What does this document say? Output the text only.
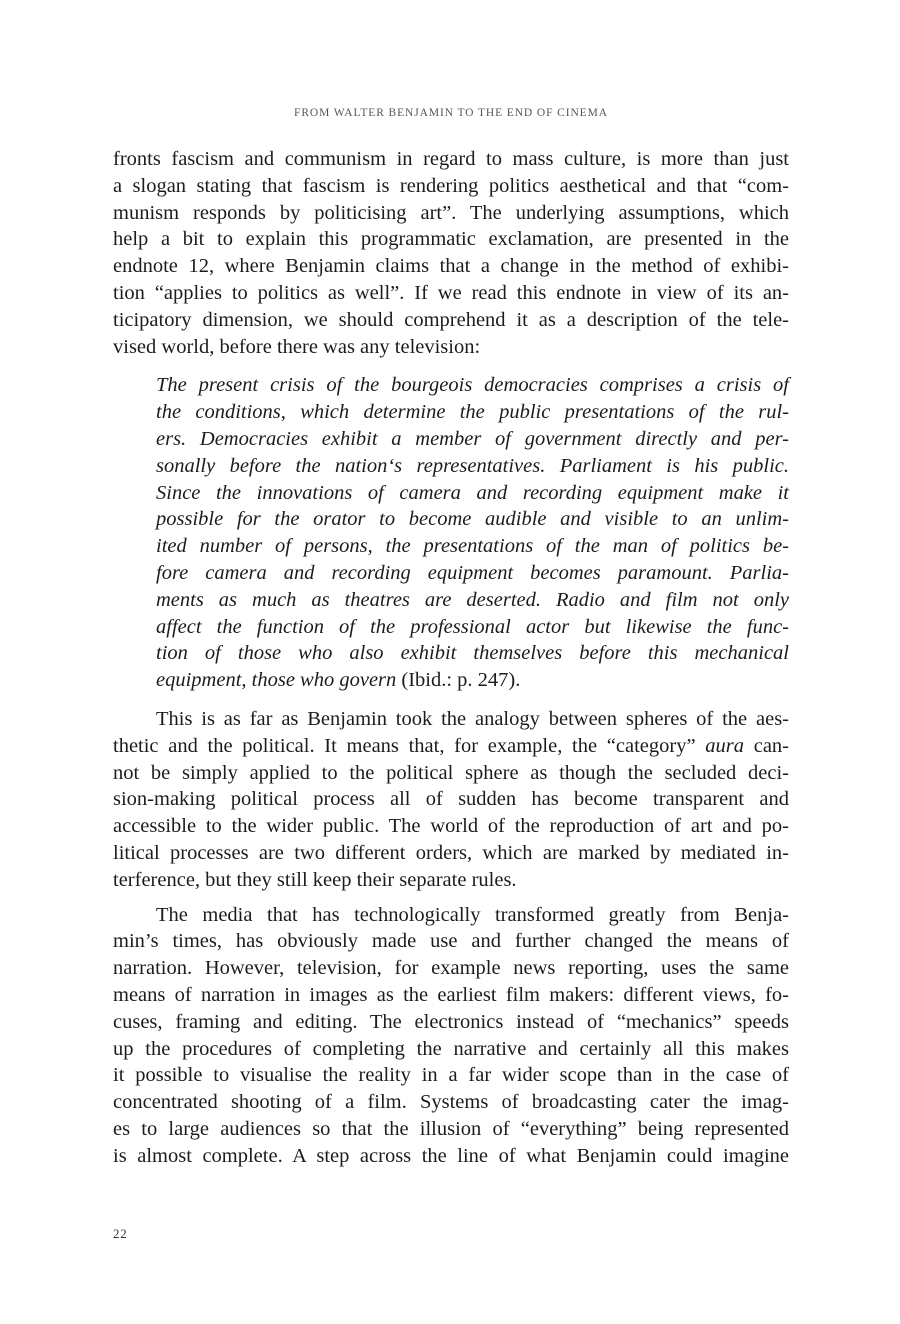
FROM WALTER BENJAMIN TO THE END OF CINEMA
fronts fascism and communism in regard to mass culture, is more than just
a slogan stating that fascism is rendering politics aesthetical and that “com-
munism responds by politicising art”. The underlying assumptions, which
help a bit to explain this programmatic exclamation, are presented in the
endnote 12, where Benjamin claims that a change in the method of exhibi-
tion “applies to politics as well”. If we read this endnote in view of its an-
ticipatory dimension, we should comprehend it as a description of the tele-
vised world, before there was any television:
The present crisis of the bourgeois democracies comprises a crisis of
the conditions, which determine the public presentations of the rul-
ers. Democracies exhibit a member of government directly and per-
sonally before the nation‘s representatives. Parliament is his public.
Since the innovations of camera and recording equipment make it
possible for the orator to become audible and visible to an unlim-
ited number of persons, the presentations of the man of politics be-
fore camera and recording equipment becomes paramount. Parlia-
ments as much as theatres are deserted. Radio and film not only
affect the function of the professional actor but likewise the func-
tion of those who also exhibit themselves before this mechanical
equipment, those who govern (Ibid.: p. 247).
This is as far as Benjamin took the analogy between spheres of the aes-
thetic and the political. It means that, for example, the “category” aura can-
not be simply applied to the political sphere as though the secluded deci-
sion-making political process all of sudden has become transparent and
accessible to the wider public. The world of the reproduction of art and po-
litical processes are two different orders, which are marked by mediated in-
terference, but they still keep their separate rules.
The media that has technologically transformed greatly from Benja-
min’s times, has obviously made use and further changed the means of
narration. However, television, for example news reporting, uses the same
means of narration in images as the earliest film makers: different views, fo-
cuses, framing and editing. The electronics instead of “mechanics” speeds
up the procedures of completing the narrative and certainly all this makes
it possible to visualise the reality in a far wider scope than in the case of
concentrated shooting of a film. Systems of broadcasting cater the imag-
es to large audiences so that the illusion of “everything” being represented
is almost complete. A step across the line of what Benjamin could imagine
22
